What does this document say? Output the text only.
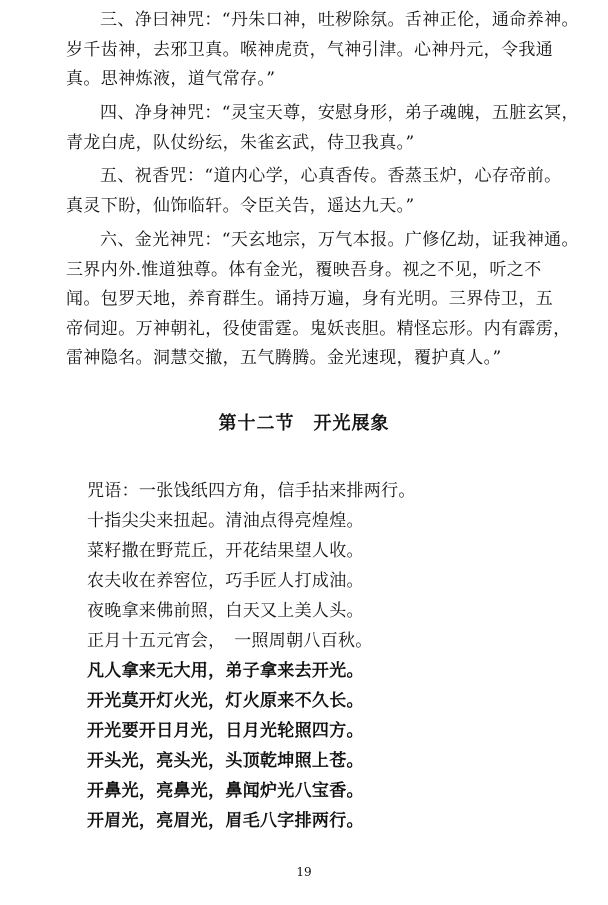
三、净曰神咒：“丹朱口神，吐秽除氛。舌神正伦，通命养神。
岁千齿神，去邪卫真。喉神虎贲，气神引津。心神丹元，令我通
真。思神炼液，道气常存。”
四、净身神咒：“灵宝天尊，安慰身形，弟子魂魄，五脏玄冥，
青龙白虎，队仗纷纭，朱雀玄武，侍卫我真。”
五、祝香咒：“道内心学，心真香传。香蒸玉炉，心存帝前。
真灵下盼，仙饰临轩。令臣关告，遥达九天。”
六、金光神咒：“天玄地宗，万气本报。广修亿劫，证我神通。
三界内外.惟道独尊。体有金光，覆映吾身。视之不见，听之不
闻。包罗天地，养育群生。诵持万遍，身有光明。三界侍卫，五
帝伺迎。万神朝礼，役使雷霆。鬼妖丧胆。精怪忘形。内有霹雳，
雷神隐名。洞慧交撤，五气腾腾。金光速现，覆护真人。”
第十二节　开光展象
咒语：一张饯纸四方角，信手拈来排两行。
十指尖尖来扭起。清油点得亮煌煌。
菜籽撒在野荒丘，开花结果望人收。
农夫收在养窖位，巧手匠人打成油。
夜晚拿来佛前照，白天又上美人头。
正月十五元宵会，　一照周朝八百秋。
凡人拿来无大用，弟子拿来去开光。
开光莫开灯火光，灯火原来不久长。
开光要开日月光，日月光轮照四方。
开头光，亮头光，头顶乾坤照上苍。
开鼻光，亮鼻光，鼻闻炉光八宝香。
开眉光，亮眉光，眉毛八字排两行。
19
